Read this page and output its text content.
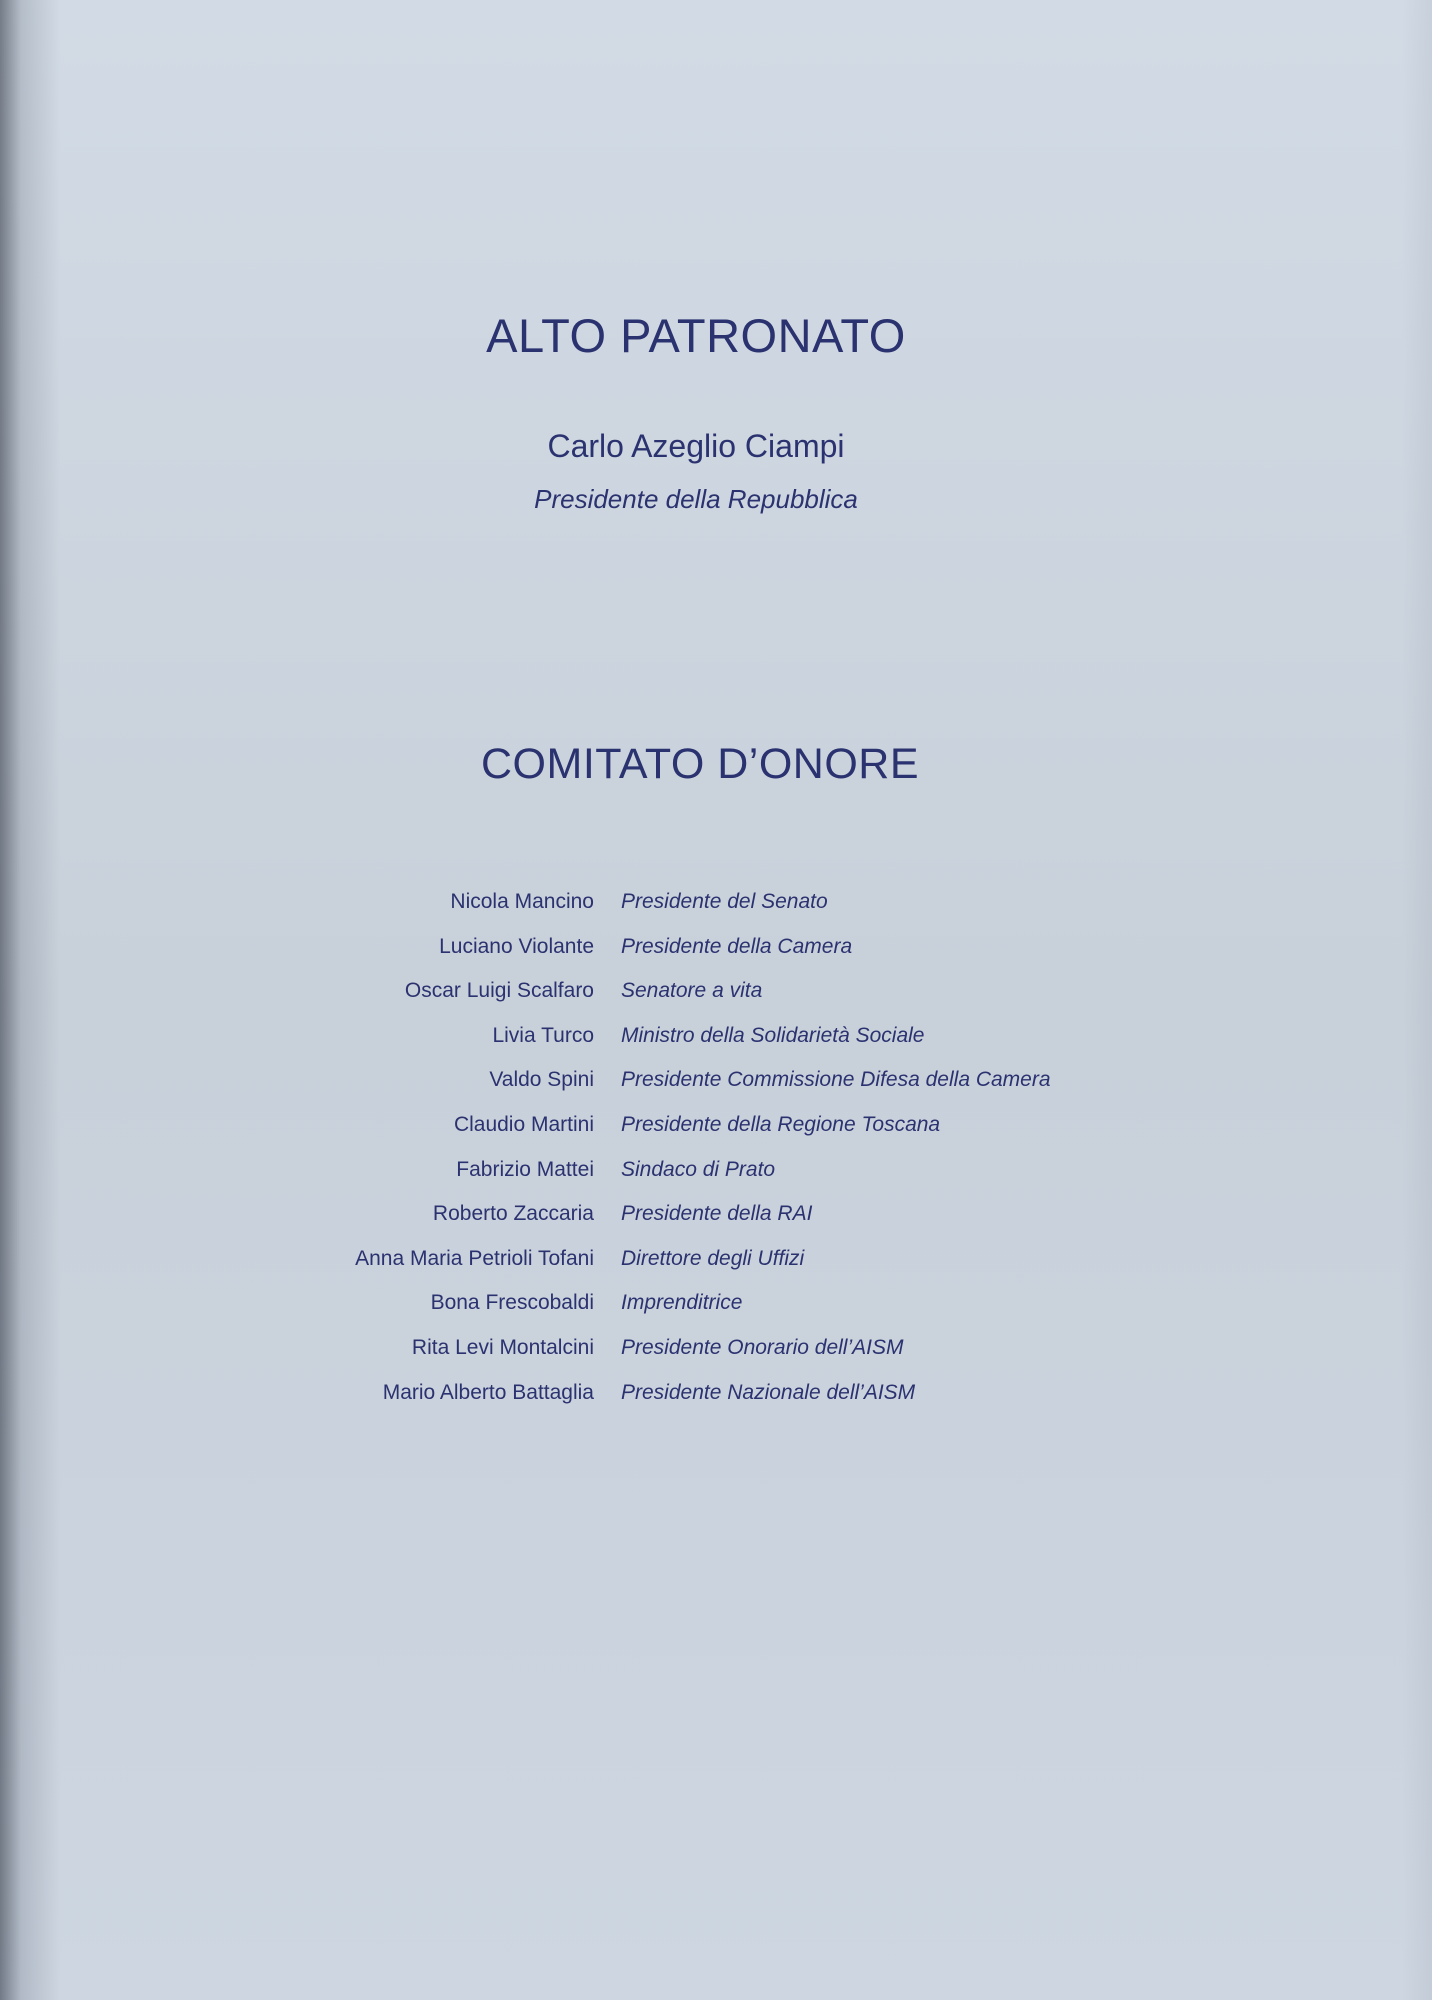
ALTO PATRONATO

Carlo Azeglio Ciampi

Presidente della Repubblica

COMITATO D’ONORE
Nicola Mancino Presidente del Senato
Luciano Violante Presidente della Camera
Oscar Luigi Scalfaro Senatore a vita
Livia Turco Ministro della Solidarietà Sociale
Valdo Spini Presidente Commissione Difesa della Camera
Claudio Martini Presidente della Regione Toscana
Fabrizio Mattei Sindaco di Prato
Roberto Zaccaria Presidente della RAI
Anna Maria Petrioli Tofani Direttore degli Uffizi
Bona Frescobaldi Imprenditrice
Rita Levi Montalcini Presidente Onorario dell’AISM
Mario Alberto Battaglia Presidente Nazionale dell’AISM
